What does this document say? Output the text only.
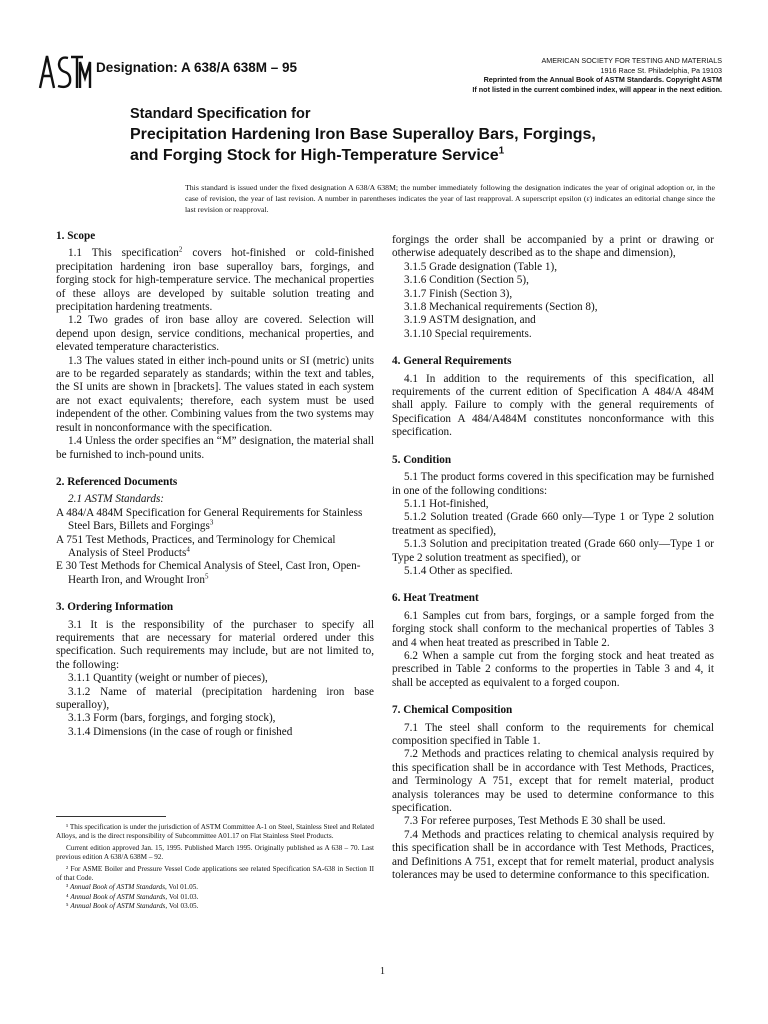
Designation: A 638/A 638M – 95	AMERICAN SOCIETY FOR TESTING AND MATERIALS
1916 Race St. Philadelphia, Pa 19103
Reprinted from the Annual Book of ASTM Standards. Copyright ASTM
If not listed in the current combined index, will appear in the next edition.
Standard Specification for
Precipitation Hardening Iron Base Superalloy Bars, Forgings,
and Forging Stock for High-Temperature Service$^1$
This standard is issued under the fixed designation A 638/A 638M; the number immediately following the designation indicates the year of original adoption or, in the case of revision, the year of last revision. A number in parentheses indicates the year of last reapproval. A superscript epsilon (ε) indicates an editorial change since the last revision or reapproval.
1. Scope

1.1 This specification$^2$ covers hot-finished or cold-finished precipitation hardening iron base superalloy bars, forgings, and forging stock for high-temperature service. The mechanical properties of these alloys are developed by suitable solution treating and precipitation hardening treatments.

1.2 Two grades of iron base alloy are covered. Selection will depend upon design, service conditions, mechanical properties, and elevated temperature characteristics.

1.3 The values stated in either inch-pound units or SI (metric) units are to be regarded separately as standards; within the text and tables, the SI units are shown in [brackets]. The values stated in each system are not exact equivalents; therefore, each system must be used independent of the other. Combining values from the two systems may result in nonconformance with the specification.

1.4 Unless the order specifies an “M” designation, the material shall be furnished to inch-pound units.

2. Referenced Documents

2.1 ASTM Standards:

A 484/A 484M Specification for General Requirements for Stainless Steel Bars, Billets and Forgings$^3$

A 751 Test Methods, Practices, and Terminology for Chemical Analysis of Steel Products$^4$

E 30 Test Methods for Chemical Analysis of Steel, Cast Iron, Open-Hearth Iron, and Wrought Iron$^5$

3. Ordering Information

3.1 It is the responsibility of the purchaser to specify all requirements that are necessary for material ordered under this specification. Such requirements may include, but are not limited to, the following:

3.1.1 Quantity (weight or number of pieces),

3.1.2 Name of material (precipitation hardening iron base superalloy),

3.1.3 Form (bars, forgings, and forging stock),

3.1.4 Dimensions (in the case of rough or finished

¹ This specification is under the jurisdiction of ASTM Committee A-1 on Steel, Stainless Steel and Related Alloys, and is the direct responsibility of Subcommittee A01.17 on Flat Stainless Steel Products.

Current edition approved Jan. 15, 1995. Published March 1995. Originally published as A 638 – 70. Last previous edition A 638/A 638M – 92.

² For ASME Boiler and Pressure Vessel Code applications see related Specification SA-638 in Section II of that Code.

³ Annual Book of ASTM Standards, Vol 01.05.

⁴ Annual Book of ASTM Standards, Vol 01.03.

⁵ Annual Book of ASTM Standards, Vol 03.05.

forgings the order shall be accompanied by a print or drawing or otherwise adequately described as to the shape and dimension),

3.1.5 Grade designation (Table 1),

3.1.6 Condition (Section 5),

3.1.7 Finish (Section 3),

3.1.8 Mechanical requirements (Section 8),

3.1.9 ASTM designation, and

3.1.10 Special requirements.

4. General Requirements

4.1 In addition to the requirements of this specification, all requirements of the current edition of Specification A 484/A 484M shall apply. Failure to comply with the general requirements of Specification A 484/A484M constitutes nonconformance with this specification.

5. Condition

5.1 The product forms covered in this specification may be furnished in one of the following conditions:

5.1.1 Hot-finished,

5.1.2 Solution treated (Grade 660 only—Type 1 or Type 2 solution treatment as specified),

5.1.3 Solution and precipitation treated (Grade 660 only—Type 1 or Type 2 solution treatment as specified), or

5.1.4 Other as specified.

6. Heat Treatment

6.1 Samples cut from bars, forgings, or a sample forged from the forging stock shall conform to the mechanical properties of Tables 3 and 4 when heat treated as prescribed in Table 2.

6.2 When a sample cut from the forging stock and heat treated as prescribed in Table 2 conforms to the properties in Table 3 and 4, it shall be accepted as equivalent to a forged coupon.

7. Chemical Composition

7.1 The steel shall conform to the requirements for chemical composition specified in Table 1.

7.2 Methods and practices relating to chemical analysis required by this specification shall be in accordance with Test Methods, Practices, and Terminology A 751, except that for remelt material, product analysis tolerances may be used to determine conformance to this specification.

7.3 For referee purposes, Test Methods E 30 shall be used.

7.4 Methods and practices relating to chemical analysis required by this specification shall be in accordance with Test Methods, Practices, and Definitions A 751, except that for remelt material, product analysis tolerances may be used to determine conformance to this specification.

1
